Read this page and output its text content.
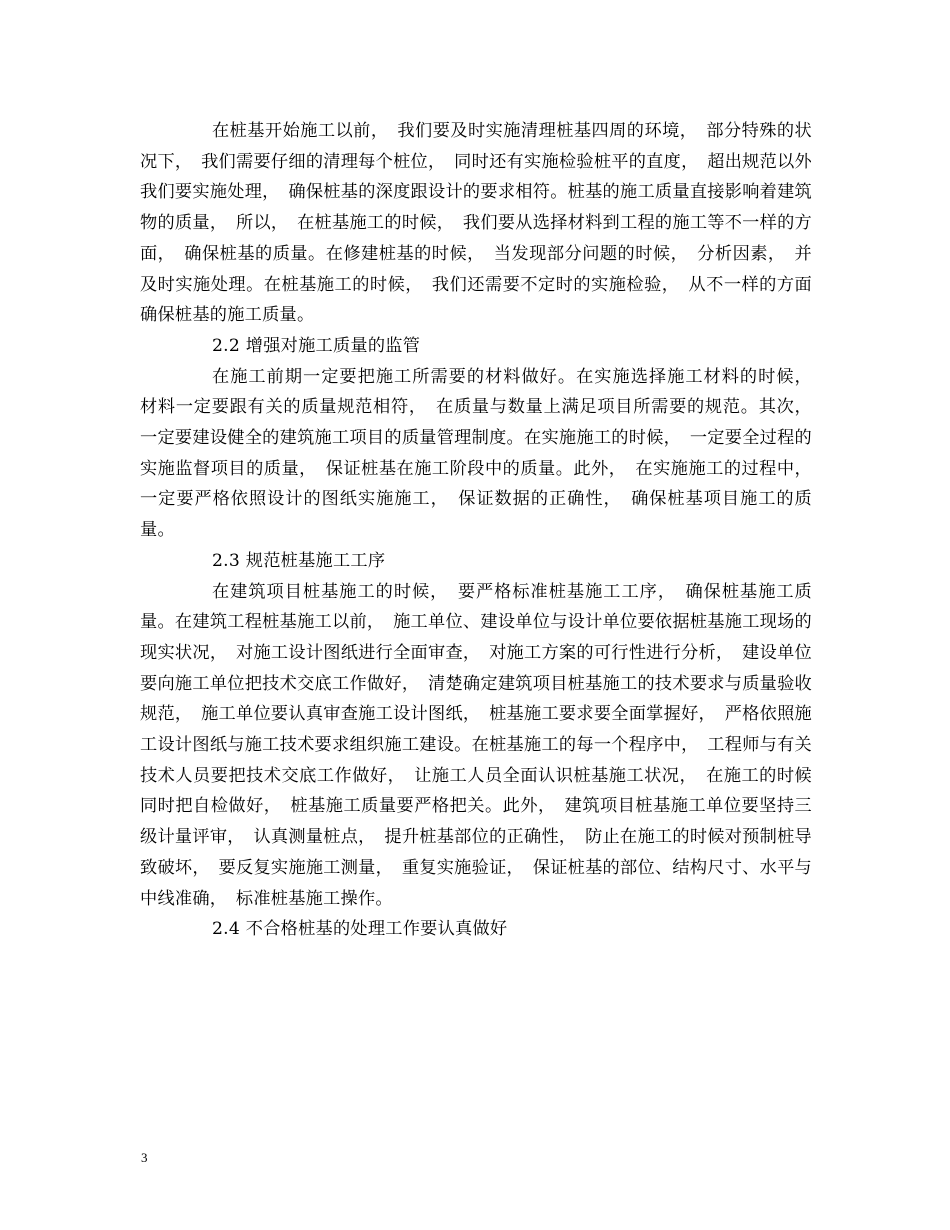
在桩基开始施工以前， 我们要及时实施清理桩基四周的环境， 部分特殊的状况下， 我们需要仔细的清理每个桩位， 同时还有实施检验桩平的直度， 超出规范以外我们要实施处理， 确保桩基的深度跟设计的要求相符。桩基的施工质量直接影响着建筑物的质量， 所以， 在桩基施工的时候， 我们要从选择材料到工程的施工等不一样的方面， 确保桩基的质量。在修建桩基的时候， 当发现部分问题的时候， 分析因素， 并及时实施处理。在桩基施工的时候， 我们还需要不定时的实施检验， 从不一样的方面确保桩基的施工质量。

2.2 增强对施工质量的监管

在施工前期一定要把施工所需要的材料做好。在实施选择施工材料的时候， 材料一定要跟有关的质量规范相符， 在质量与数量上满足项目所需要的规范。其次， 一定要建设健全的建筑施工项目的质量管理制度。在实施施工的时候， 一定要全过程的实施监督项目的质量， 保证桩基在施工阶段中的质量。此外， 在实施施工的过程中， 一定要严格依照设计的图纸实施施工， 保证数据的正确性， 确保桩基项目施工的质量。

2.3 规范桩基施工工序

在建筑项目桩基施工的时候， 要严格标准桩基施工工序， 确保桩基施工质量。在建筑工程桩基施工以前， 施工单位、建设单位与设计单位要依据桩基施工现场的现实状况， 对施工设计图纸进行全面审查， 对施工方案的可行性进行分析， 建设单位要向施工单位把技术交底工作做好， 清楚确定建筑项目桩基施工的技术要求与质量验收规范， 施工单位要认真审查施工设计图纸， 桩基施工要求要全面掌握好， 严格依照施工设计图纸与施工技术要求组织施工建设。在桩基施工的每一个程序中， 工程师与有关技术人员要把技术交底工作做好， 让施工人员全面认识桩基施工状况， 在施工的时候同时把自检做好， 桩基施工质量要严格把关。此外， 建筑项目桩基施工单位要坚持三级计量评审， 认真测量桩点， 提升桩基部位的正确性， 防止在施工的时候对预制桩导致破坏， 要反复实施施工测量， 重复实施验证， 保证桩基的部位、结构尺寸、水平与中线准确， 标准桩基施工操作。

2.4 不合格桩基的处理工作要认真做好

3
